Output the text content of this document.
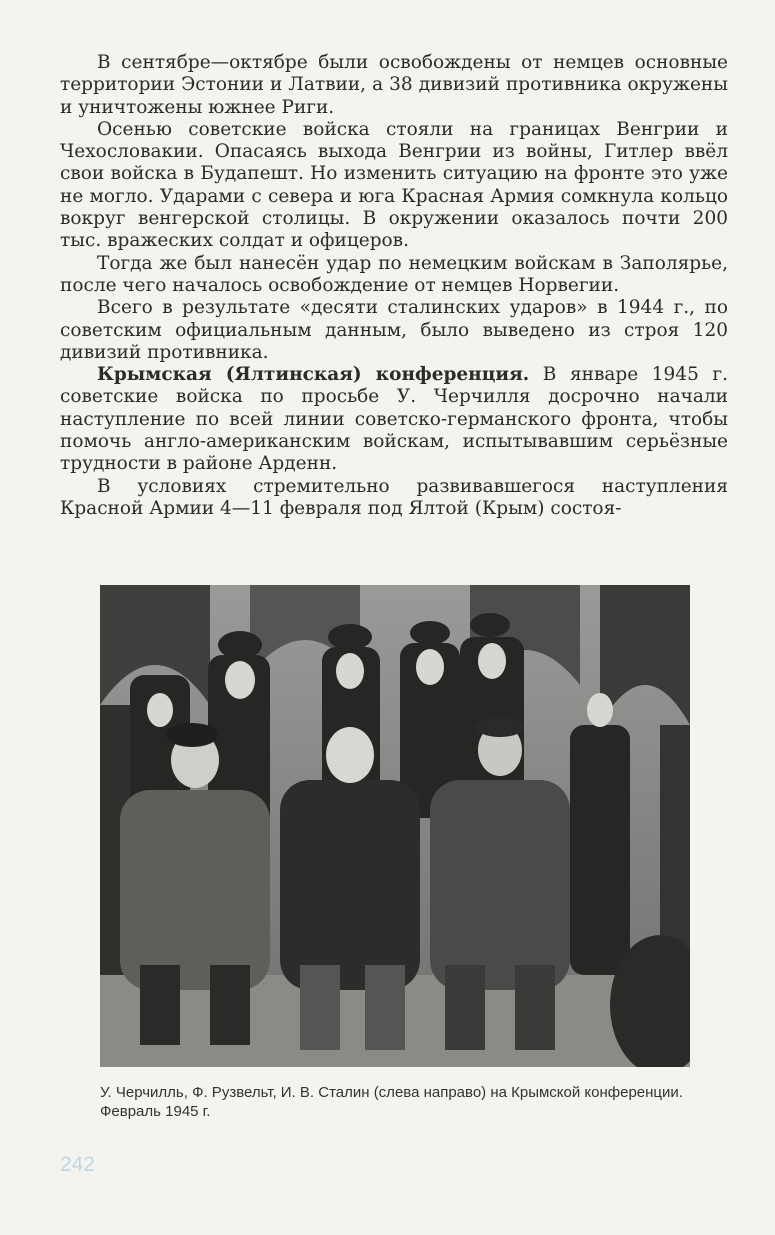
В сентябре—октябре были освобождены от немцев основные территории Эстонии и Латвии, а 38 дивизий противника окружены и уничтожены южнее Риги.

Осенью советские войска стояли на границах Венгрии и Чехословакии. Опасаясь выхода Венгрии из войны, Гитлер ввёл свои войска в Будапешт. Но изменить ситуацию на фронте это уже не могло. Ударами с севера и юга Красная Армия сомкнула кольцо вокруг венгерской столицы. В окружении оказалось почти 200 тыс. вражеских солдат и офицеров.

Тогда же был нанесён удар по немецким войскам в Заполярье, после чего началось освобождение от немцев Норвегии.

Всего в результате «десяти сталинских ударов» в 1944 г., по советским официальным данным, было выведено из строя 120 дивизий противника.

Крымская (Ялтинская) конференция. В январе 1945 г. советские войска по просьбе У. Черчилля досрочно начали наступление по всей линии советско-германского фронта, чтобы помочь англо-американским войскам, испытывавшим серьёзные трудности в районе Арденн.

В условиях стремительно развивавшегося наступления Красной Армии 4—11 февраля под Ялтой (Крым) состоя-

У. Черчилль, Ф. Рузвельт, И. В. Сталин (слева направо) на Крымской конференции. Февраль 1945 г.
242
